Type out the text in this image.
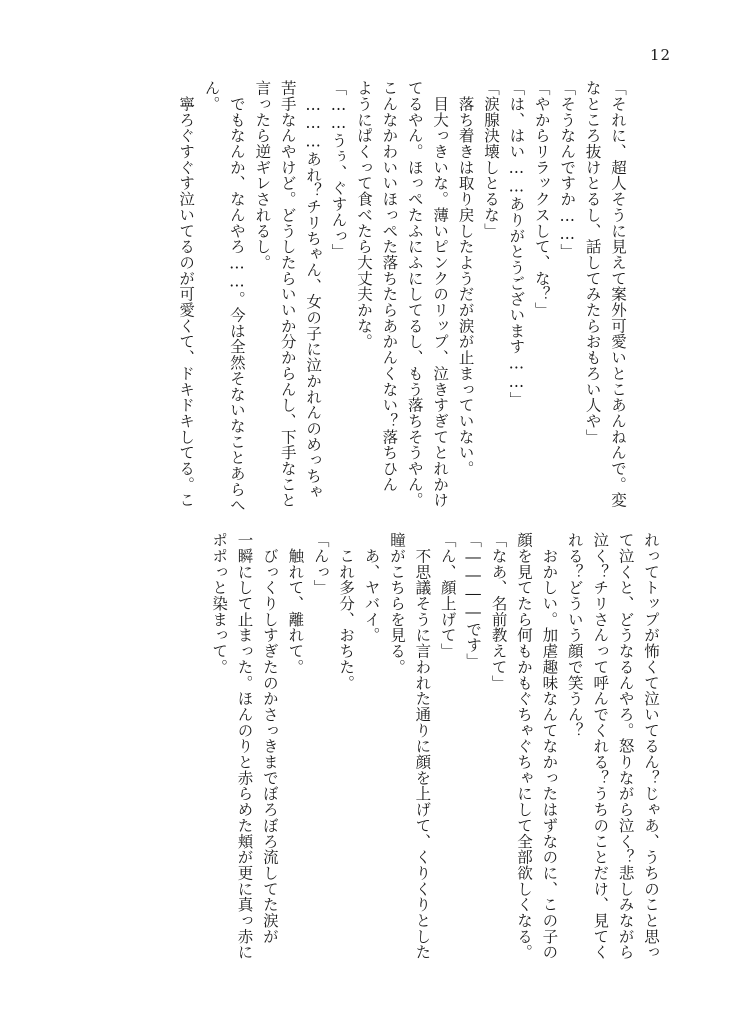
12
「それに、超人そうに見えて案外可愛いとこあんねんで。変
なところ抜けとるし、話してみたらおもろい人や」
「そうなんですか……」
「やからリラックスして、な？」
「は、はい……ありがとうございます……」
「涙腺決壊しとるな」
　落ち着きは取り戻したようだが涙が止まっていない。
　目大っきいな。薄いピンクのリップ、泣きすぎてとれかけ
てるやん。ほっぺたふにふにしてるし、もう落ちそうやん。
こんなかわいいほっぺた落ちたらあかんくない？落ちひん
ようにぱくって食べたら大丈夫かな。
「……うぅ、ぐすんっ」
　………あれ？チリちゃん、女の子に泣かれんのめっちゃ
苦手なんやけど。どうしたらいいか分からんし、下手なこと
言ったら逆ギレされるし。
　でもなんか、なんやろ……。今は全然そないなことあらへ
ん。
　寧ろぐすぐす泣いてるのが可愛くて、ドキドキしてる。こ
れってトップが怖くて泣いてるん？じゃあ、うちのこと思っ
て泣くと、どうなるんやろ。怒りながら泣く？悲しみながら
泣く？チリさんって呼んでくれる？うちのことだけ、見てく
れる？どういう顔で笑うん？
　おかしい。加虐趣味なんてなかったはずなのに、この子の
顔を見てたら何もかもぐちゃぐちゃにして全部欲しくなる。
「なあ、名前教えて」
「――――です」
「ん、顔上げて」
　不思議そうに言われた通りに顔を上げて、くりくりとした
瞳がこちらを見る。
　あ、ヤバイ。
　これ多分、おちた。
「んっ」
　触れて、離れて。
　びっくりしすぎたのかさっきまでぼろぼろ流してた涙が
一瞬にして止まった。ほんのりと赤らめた頬が更に真っ赤に
ポポっと染まって。
